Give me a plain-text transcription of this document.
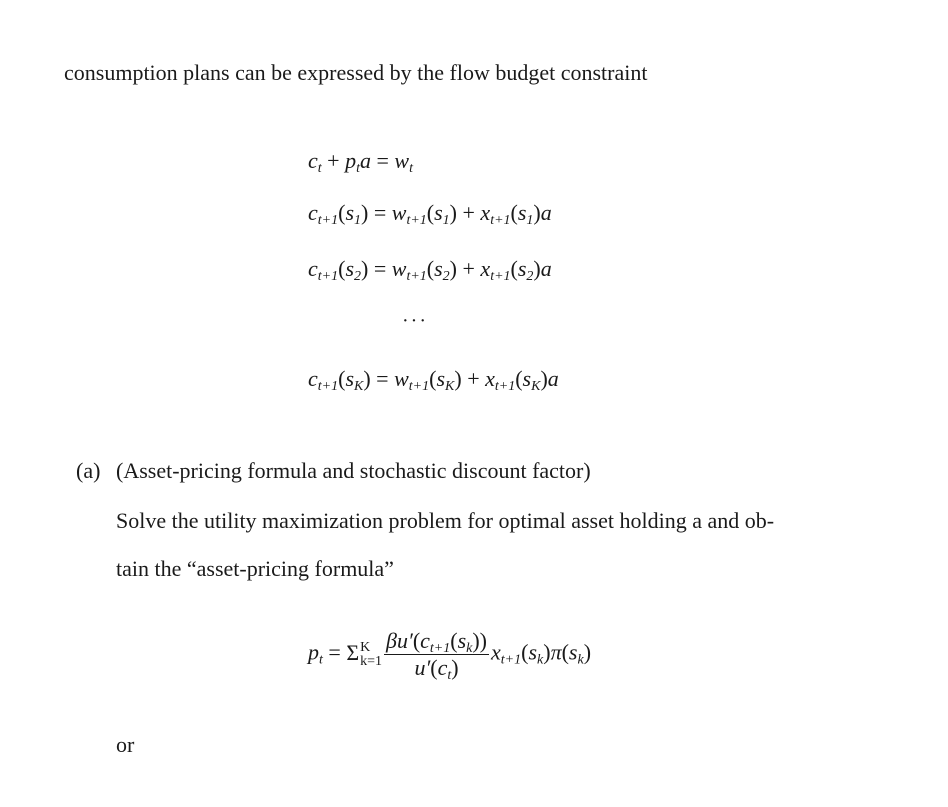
consumption plans can be expressed by the flow budget constraint
$c_t + p_ta = w_t$
$c_{t+1}(s_1) = w_{t+1}(s_1) + x_{t+1}(s_1)a$
$c_{t+1}(s_2) = w_{t+1}(s_2) + x_{t+1}(s_2)a$
···
$c_{t+1}(s_K) = w_{t+1}(s_K) + x_{t+1}(s_K)a$
(a) (Asset-pricing formula and stochastic discount factor)
Solve the utility maximization problem for optimal asset holding a and ob-
tain the “asset-pricing formula”
$p_t = \Sigma$ K
$k=1 \frac{\beta u'(c_{t+1}(s_k))}{u'(c_t)} x_{t+1}(s_k)\pi(s_k)$
or
